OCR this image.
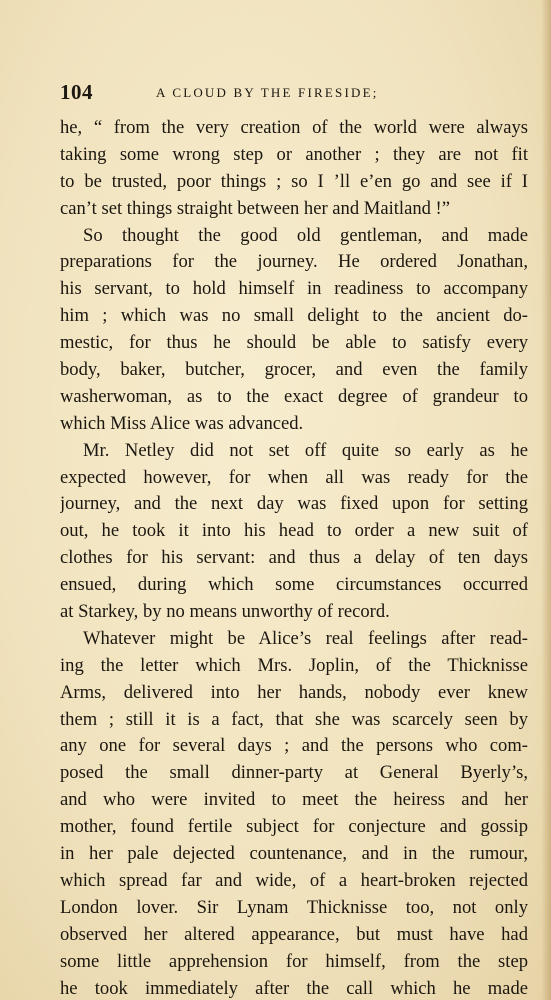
104	A CLOUD BY THE FIRESIDE;
he, “ from the very creation of the world were always
taking some wrong step or another ; they are not fit
to be trusted, poor things ; so I ’ll e’en go and see if I
can’t set things straight between her and Maitland !”
So thought the good old gentleman, and made
preparations for the journey. He ordered Jonathan,
his servant, to hold himself in readiness to accompany
him ; which was no small delight to the ancient do-
mestic, for thus he should be able to satisfy every
body, baker, butcher, grocer, and even the family
washerwoman, as to the exact degree of grandeur to
which Miss Alice was advanced.
Mr. Netley did not set off quite so early as he
expected however, for when all was ready for the
journey, and the next day was fixed upon for setting
out, he took it into his head to order a new suit of
clothes for his servant: and thus a delay of ten days
ensued, during which some circumstances occurred
at Starkey, by no means unworthy of record.
Whatever might be Alice’s real feelings after read-
ing the letter which Mrs. Joplin, of the Thicknisse
Arms, delivered into her hands, nobody ever knew
them ; still it is a fact, that she was scarcely seen by
any one for several days ; and the persons who com-
posed the small dinner-party at General Byerly’s,
and who were invited to meet the heiress and her
mother, found fertile subject for conjecture and gossip
in her pale dejected countenance, and in the rumour,
which spread far and wide, of a heart-broken rejected
London lover. Sir Lynam Thicknisse too, not only
observed her altered appearance, but must have had
some little apprehension for himself, from the step
he took immediately after the call which he made
